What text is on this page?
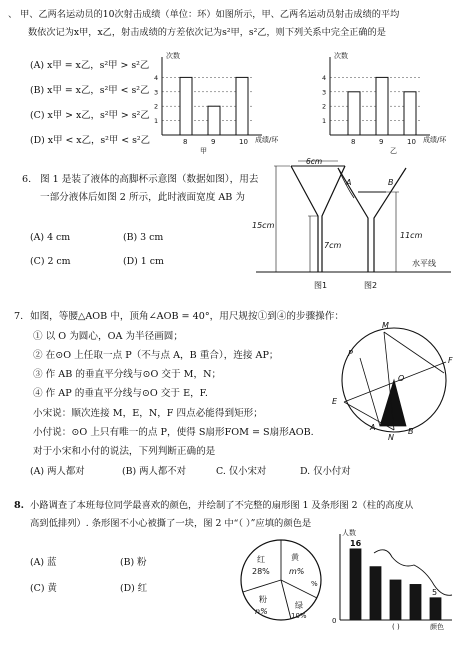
、 甲、乙两名运动员的10次射击成绩（单位：环）如图所示，甲、乙两名运动员射击成绩的平均
数依次记为x甲，x乙，射击成绩的方差依次记为s²甲，s²乙，则下列关系中完全正确的是
(A) x甲 = x乙，s²甲 > s²乙
(B) x甲 = x乙，s²甲 < s²乙
(C) x甲 > x乙，s²甲 > s²乙
(D) x甲 < x乙，s²甲 < s²乙
次数
成绩/环
甲
1
2
3
4
8	9	10
次数
成绩/环
乙
1
2
3
4
8	9	10
6. 图 1 是装了液体的高脚杯示意图（数据如图），用去
一部分液体后如图 2 所示，此时液面宽度 AB 为
(A) 4 cm	(B) 3 cm
(C) 2 cm	(D) 1 cm
6cm
15cm
7cm
图1
A	B
11cm
图2
水平线
7. 如图，等腰△AOB 中，顶角∠AOB = 40°，用尺规按①到④的步骤操作：
① 以 O 为圆心，OA 为半径画圆；
② 在⊙O 上任取一点 P（不与点 A，B 重合），连接 AP；
③ 作 AB 的垂直平分线与⊙O 交于 M，N；
④ 作 AP 的垂直平分线与⊙O 交于 E，F.
小宋说：顺次连接 M，E，N，F 四点必能得到矩形；
小付说：⊙O 上只有唯一的点 P，使得 S扇形FOM = S扇形AOB.
对于小宋和小付的说法，下列判断正确的是
(A) 两人都对	(B) 两人都不对	C. 仅小宋对	D. 仅小付对
M
P
O
F
E
A
N
B
8. 小路调查了本班每位同学最喜欢的颜色，并绘制了不完整的扇形图 1 及条形图 2（柱的高度从
高到低排列）. 条形图不小心被撕了一块，图 2 中“（ ）”应填的颜色是
(A) 蓝	(B) 粉
(C) 黄	(D) 红
红
28%
黄
m%
%
粉
n%
绿
10%
人数
0
( )	颜色
16
5
